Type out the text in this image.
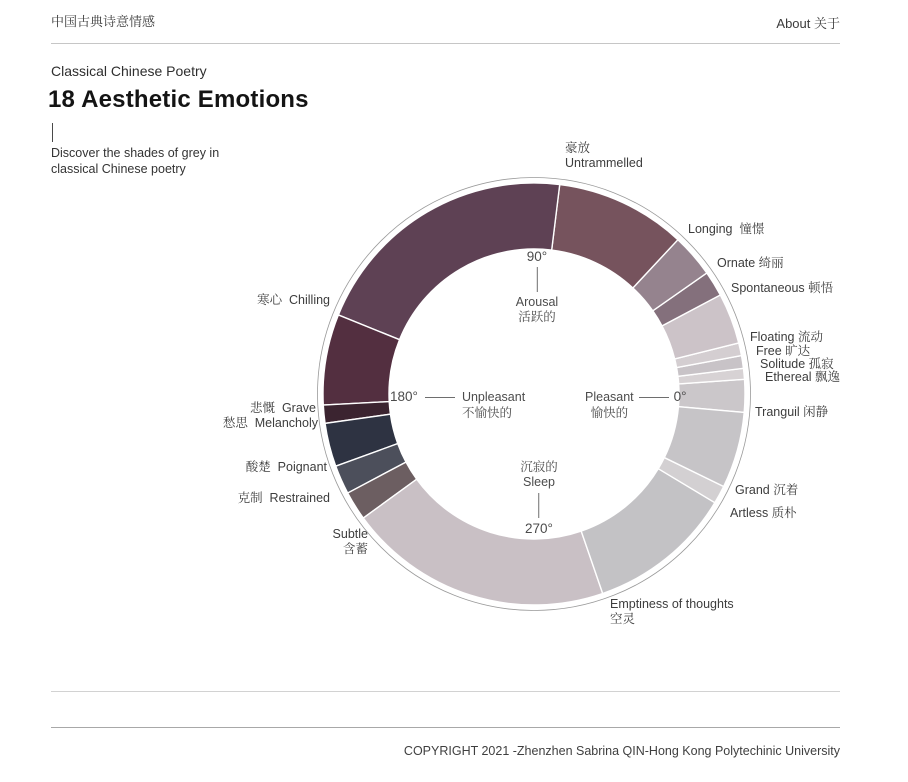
中国古典诗意情感	About 关于
Classical Chinese Poetry
18 Aesthetic Emotions
Discover the shades of grey in
classical Chinese poetry
Tranguil 闲静
Ethereal 飘逸
Solitude 孤寂
Free 旷达
Floating 流动
Spontaneous 顿悟
Ornate 绮丽
Longing  憧憬
豪放
Untrammelled
寒心  Chilling
悲慨  Grave
愁思  Melancholy
酸楚  Poignant
克制  Restrained
Subtle
含蓄
Emptiness of thoughts
空灵
Artless 质朴
Grand 沉着
90°
Arousal
活跃的
180°	Unpleasant
不愉快的
Pleasant
愉快的
0°
沉寂的
Sleep
270°
COPYRIGHT 2021 -Zhenzhen Sabrina QIN-Hong Kong Polytechinic University
